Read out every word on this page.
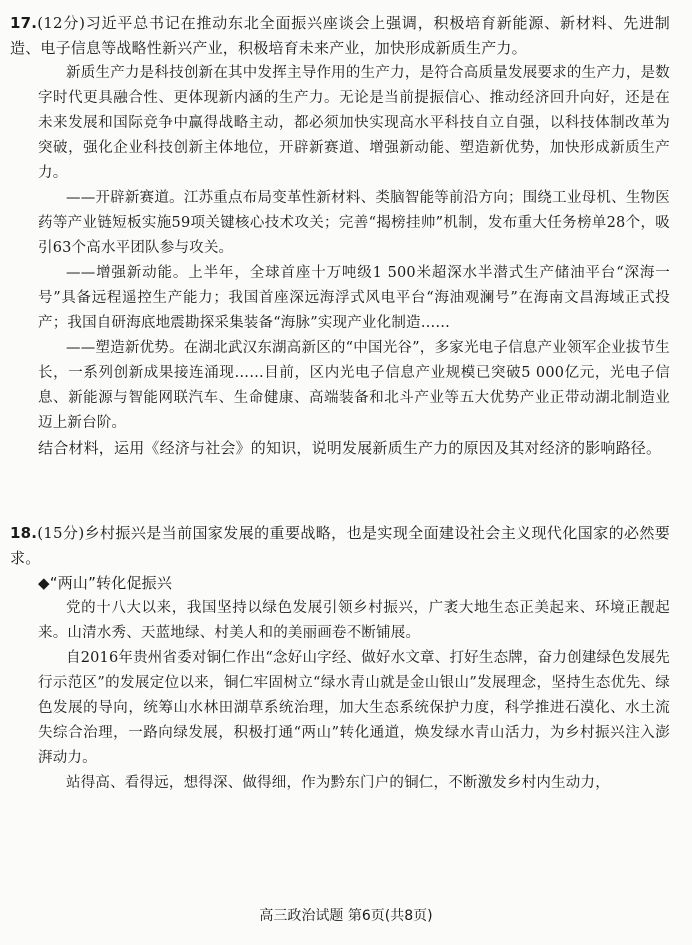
17.(12分)习近平总书记在推动东北全面振兴座谈会上强调，积极培育新能源、新材料、先进制造、电子信息等战略性新兴产业，积极培育未来产业，加快形成新质生产力。

新质生产力是科技创新在其中发挥主导作用的生产力，是符合高质量发展要求的生产力，是数字时代更具融合性、更体现新内涵的生产力。无论是当前提振信心、推动经济回升向好，还是在未来发展和国际竞争中赢得战略主动，都必须加快实现高水平科技自立自强，以科技体制改革为突破，强化企业科技创新主体地位，开辟新赛道、增强新动能、塑造新优势，加快形成新质生产力。

——开辟新赛道。江苏重点布局变革性新材料、类脑智能等前沿方向；围绕工业母机、生物医药等产业链短板实施59项关键核心技术攻关；完善“揭榜挂帅”机制，发布重大任务榜单28个，吸引63个高水平团队参与攻关。

——增强新动能。上半年，全球首座十万吨级1 500米超深水半潜式生产储油平台“深海一号”具备远程遥控生产能力；我国首座深远海浮式风电平台“海油观澜号”在海南文昌海域正式投产；我国自研海底地震勘探采集装备“海脉”实现产业化制造……

——塑造新优势。在湖北武汉东湖高新区的“中国光谷”，多家光电子信息产业领军企业拔节生长，一系列创新成果接连涌现……目前，区内光电子信息产业规模已突破5 000亿元，光电子信息、新能源与智能网联汽车、生命健康、高端装备和北斗产业等五大优势产业正带动湖北制造业迈上新台阶。

结合材料，运用《经济与社会》的知识，说明发展新质生产力的原因及其对经济的影响路径。

18.(15分)乡村振兴是当前国家发展的重要战略，也是实现全面建设社会主义现代化国家的必然要求。

◆“两山”转化促振兴

党的十八大以来，我国坚持以绿色发展引领乡村振兴，广袤大地生态正美起来、环境正靓起来。山清水秀、天蓝地绿、村美人和的美丽画卷不断铺展。

自2016年贵州省委对铜仁作出“念好山字经、做好水文章、打好生态牌，奋力创建绿色发展先行示范区”的发展定位以来，铜仁牢固树立“绿水青山就是金山银山”发展理念，坚持生态优先、绿色发展的导向，统筹山水林田湖草系统治理，加大生态系统保护力度，科学推进石漠化、水土流失综合治理，一路向绿发展，积极打通“两山”转化通道，焕发绿水青山活力，为乡村振兴注入澎湃动力。

站得高、看得远，想得深、做得细，作为黔东门户的铜仁，不断激发乡村内生动力，

高三政治试题 第6页(共8页)
